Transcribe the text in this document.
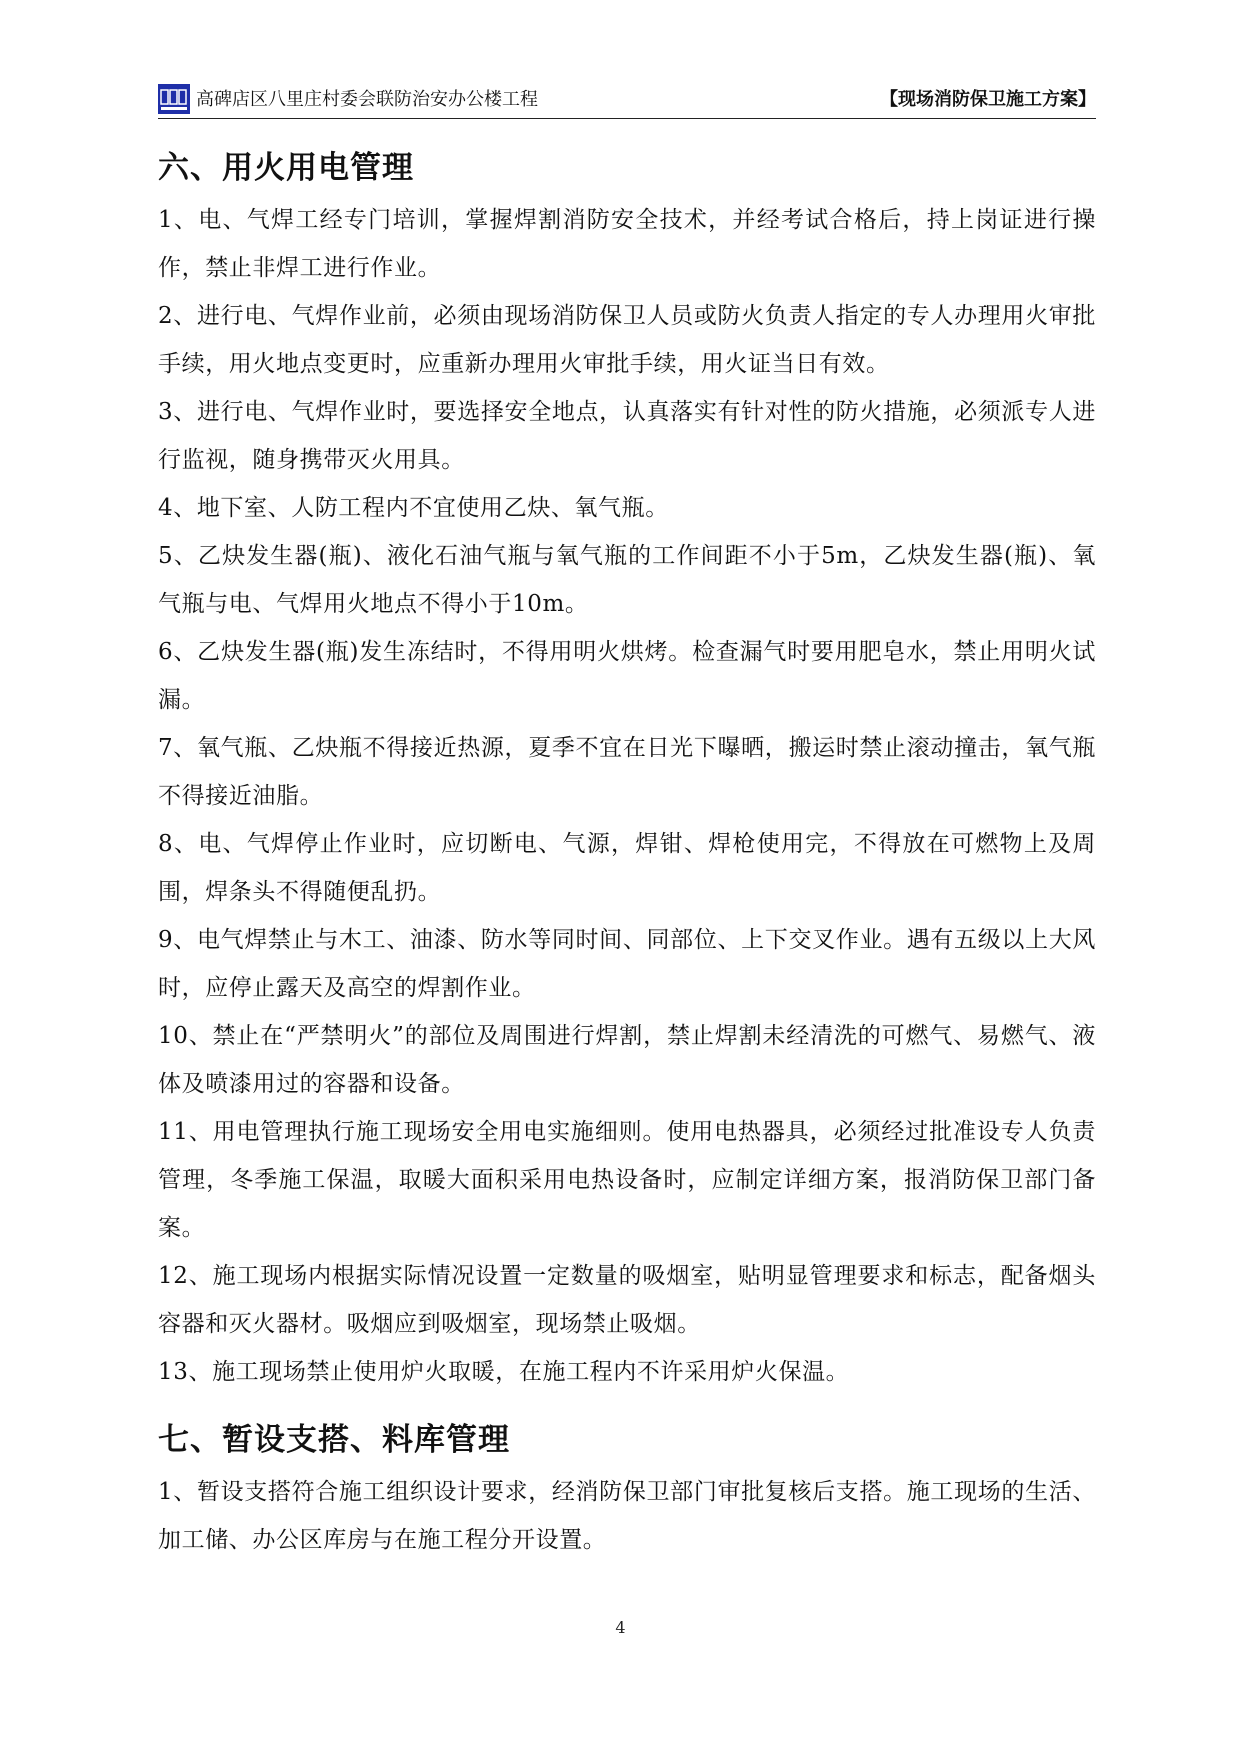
高碑店区八里庄村委会联防治安办公楼工程	【现场消防保卫施工方案】
六、用火用电管理

1、电、气焊工经专门培训，掌握焊割消防安全技术，并经考试合格后，持上岗证进行操作，禁止非焊工进行作业。

2、进行电、气焊作业前，必须由现场消防保卫人员或防火负责人指定的专人办理用火审批手续，用火地点变更时，应重新办理用火审批手续，用火证当日有效。

3、进行电、气焊作业时，要选择安全地点，认真落实有针对性的防火措施，必须派专人进行监视，随身携带灭火用具。

4、地下室、人防工程内不宜使用乙炔、氧气瓶。

5、乙炔发生器(瓶)、液化石油气瓶与氧气瓶的工作间距不小于5m，乙炔发生器(瓶)、氧气瓶与电、气焊用火地点不得小于10m。

6、乙炔发生器(瓶)发生冻结时，不得用明火烘烤。检查漏气时要用肥皂水，禁止用明火试漏。

7、氧气瓶、乙炔瓶不得接近热源，夏季不宜在日光下曝晒，搬运时禁止滚动撞击，氧气瓶不得接近油脂。

8、电、气焊停止作业时，应切断电、气源，焊钳、焊枪使用完，不得放在可燃物上及周围，焊条头不得随便乱扔。

9、电气焊禁止与木工、油漆、防水等同时间、同部位、上下交叉作业。遇有五级以上大风时，应停止露天及高空的焊割作业。

10、禁止在“严禁明火”的部位及周围进行焊割，禁止焊割未经清洗的可燃气、易燃气、液体及喷漆用过的容器和设备。

11、用电管理执行施工现场安全用电实施细则。使用电热器具，必须经过批准设专人负责管理，冬季施工保温，取暖大面积采用电热设备时，应制定详细方案，报消防保卫部门备案。

12、施工现场内根据实际情况设置一定数量的吸烟室，贴明显管理要求和标志，配备烟头容器和灭火器材。吸烟应到吸烟室，现场禁止吸烟。

13、施工现场禁止使用炉火取暖，在施工程内不许采用炉火保温。

七、暂设支搭、料库管理

1、暂设支搭符合施工组织设计要求，经消防保卫部门审批复核后支搭。施工现场的生活、加工储、办公区库房与在施工程分开设置。

4
